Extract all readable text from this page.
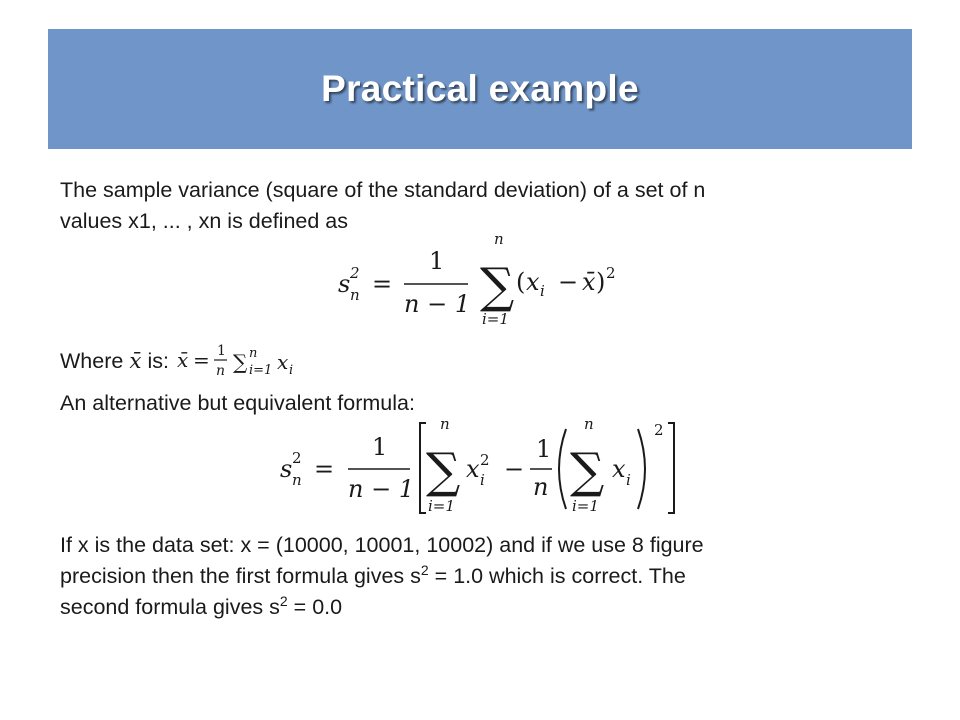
Practical example
The sample variance (square of the standard deviation) of a set of n
values x1, ... , xn is defined as
s 2
n =
1
n − 1 ∑
n
i=1
( x i − x̄ ) 2
Where x̄ is: x̄ = 1
n ∑ n
i=1 x i
An alternative but equivalent formula:
s 2
n =
1
n − 1 ∑
n
i=1
x 2
i −
1
n ∑
n
i=1
x i
2
If x is the data set: x = (10000, 10001, 10002) and if we use 8 figure
precision then the first formula gives $s^2 = 1.0$ which is correct. The
second formula gives $s^2 = 0.0$
